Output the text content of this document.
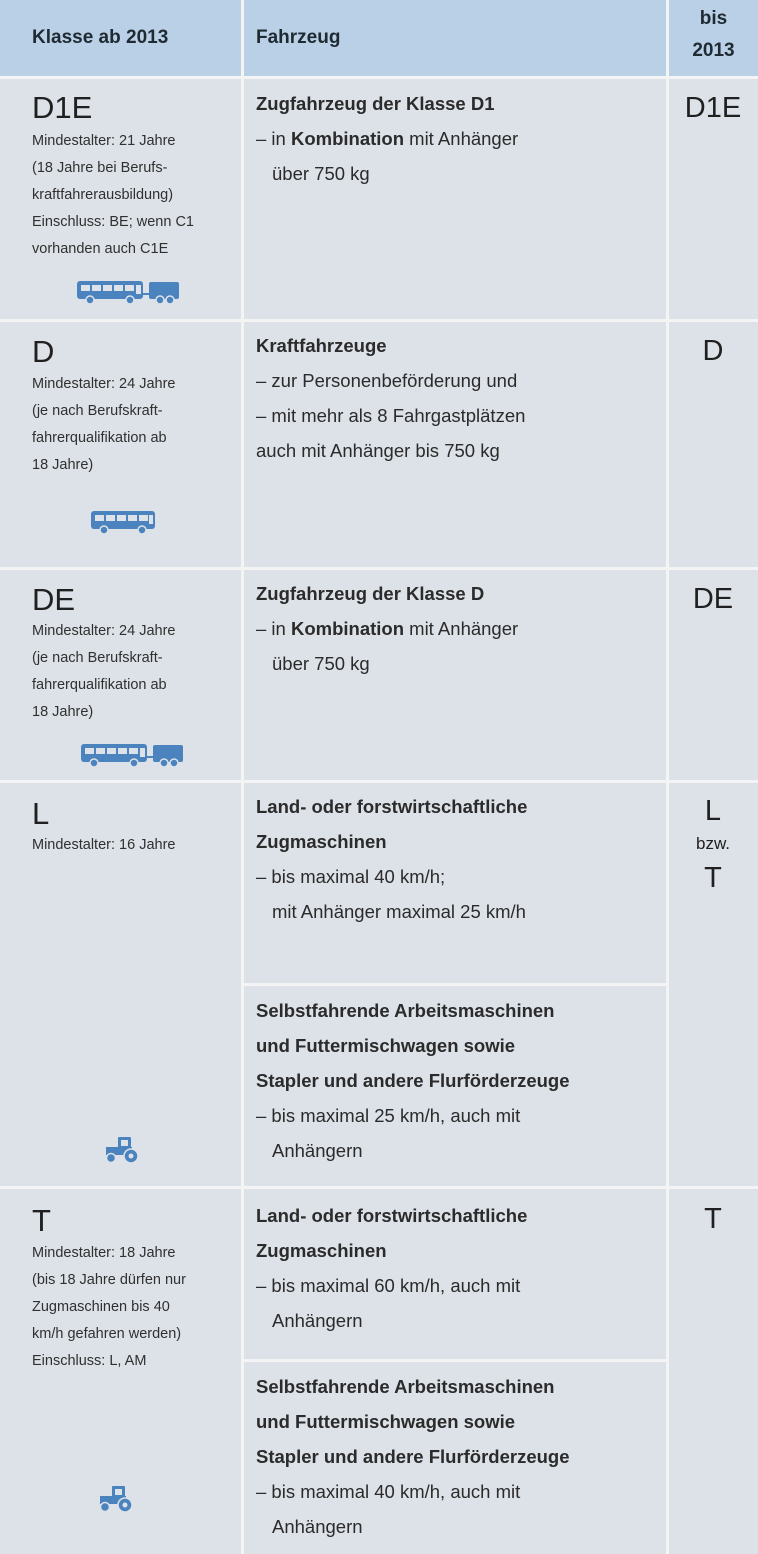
Klasse ab 2013	Fahrzeug
bis
2013
D1E
Mindestalter: 21 Jahre
(18 Jahre bei Berufs-
kraftfahrerausbildung)
Einschluss: BE; wenn C1
vorhanden auch C1E
Zugfahrzeug der Klasse D1
– in Kombination mit Anhänger
über 750 kg
D1E
D
Mindestalter: 24 Jahre
(je nach Berufskraft-
fahrerqualifikation ab
18 Jahre)
Kraftfahrzeuge
– zur Personenbeförderung und
– mit mehr als 8 Fahrgastplätzen
auch mit Anhänger bis 750 kg
D
DE
Mindestalter: 24 Jahre
(je nach Berufskraft-
fahrerqualifikation ab
18 Jahre)
Zugfahrzeug der Klasse D
– in Kombination mit Anhänger
über 750 kg
DE
L
Mindestalter: 16 Jahre
Land- oder forstwirtschaftliche
Zugmaschinen
– bis maximal 40 km/h;
mit Anhänger maximal 25 km/h
Selbstfahrende Arbeitsmaschinen
und Futtermischwagen sowie
Stapler und andere Flurförderzeuge
– bis maximal 25 km/h, auch mit
Anhängern
L
bzw.
T
T
Mindestalter: 18 Jahre
(bis 18 Jahre dürfen nur
Zugmaschinen bis 40
km/h gefahren werden)
Einschluss: L, AM
Land- oder forstwirtschaftliche
Zugmaschinen
– bis maximal 60 km/h, auch mit
Anhängern
Selbstfahrende Arbeitsmaschinen
und Futtermischwagen sowie
Stapler und andere Flurförderzeuge
– bis maximal 40 km/h, auch mit
Anhängern
T
